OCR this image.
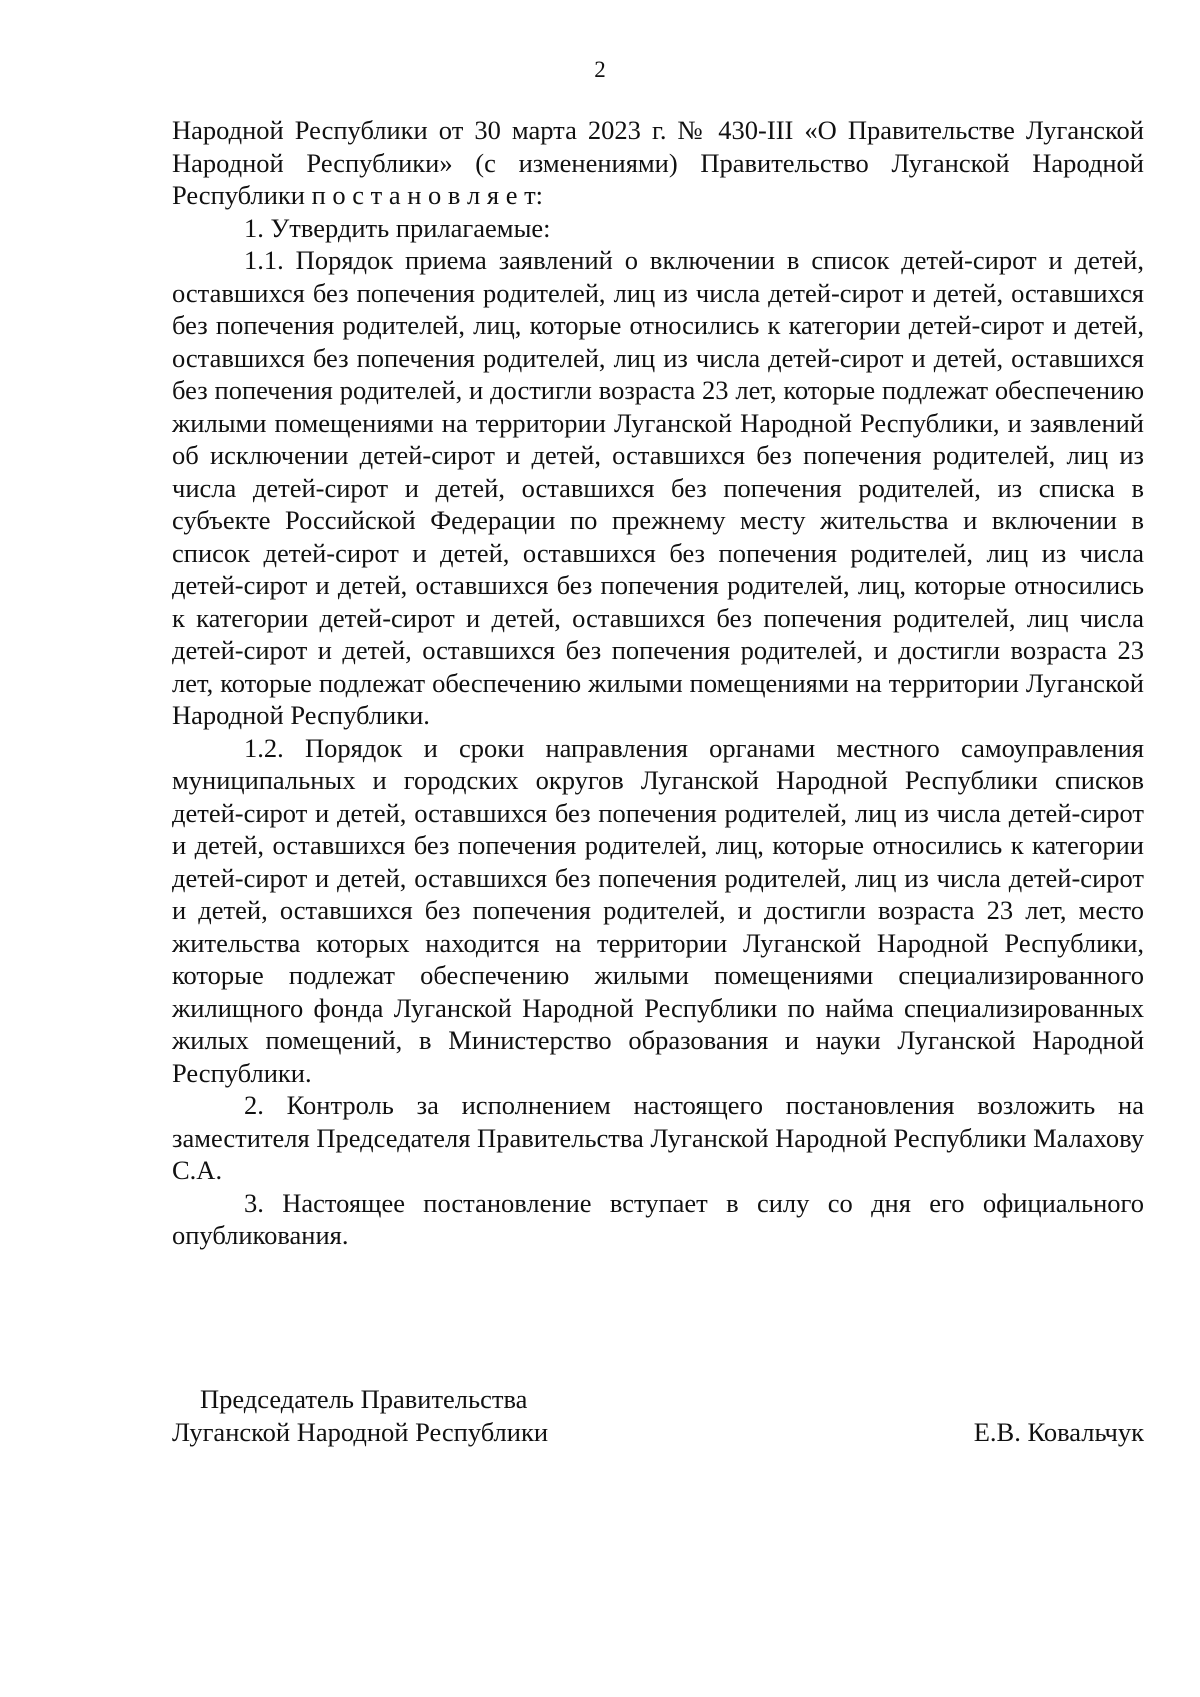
2

Народной Республики от 30 марта 2023 г. № 430-III «О Правительстве Луганской Народной Республики» (с изменениями) Правительство Луганской Народной Республики п о с т а н о в л я е т:

1. Утвердить прилагаемые:

1.1. Порядок приема заявлений о включении в список детей-сирот и детей, оставшихся без попечения родителей, лиц из числа детей-сирот и детей, оставшихся без попечения родителей, лиц, которые относились к категории детей-сирот и детей, оставшихся без попечения родителей, лиц из числа детей-сирот и детей, оставшихся без попечения родителей, и достигли возраста 23 лет, которые подлежат обеспечению жилыми помещениями на территории Луганской Народной Республики, и заявлений об исключении детей-сирот и детей, оставшихся без попечения родителей, лиц из числа детей-сирот и детей, оставшихся без попечения родителей, из списка в субъекте Российской Федерации по прежнему месту жительства и включении в список детей-сирот и детей, оставшихся без попечения родителей, лиц из числа детей-сирот и детей, оставшихся без попечения родителей, лиц, которые относились к категории детей-сирот и детей, оставшихся без попечения родителей, лиц числа детей-сирот и детей, оставшихся без попечения родителей, и достигли возраста 23 лет, которые подлежат обеспечению жилыми помещениями на территории Луганской Народной Республики.

1.2. Порядок и сроки направления органами местного самоуправления муниципальных и городских округов Луганской Народной Республики списков детей-сирот и детей, оставшихся без попечения родителей, лиц из числа детей-сирот и детей, оставшихся без попечения родителей, лиц, которые относились к категории детей-сирот и детей, оставшихся без попечения родителей, лиц из числа детей-сирот и детей, оставшихся без попечения родителей, и достигли возраста 23 лет, место жительства которых находится на территории Луганской Народной Республики, которые подлежат обеспечению жилыми помещениями специализированного жилищного фонда Луганской Народной Республики по найма специализированных жилых помещений, в Министерство образования и науки Луганской Народной Республики.

2. Контроль за исполнением настоящего постановления возложить на заместителя Председателя Правительства Луганской Народной Республики Малахову С.А.

3. Настоящее постановление вступает в силу со дня его официального опубликования.

Председатель Правительства
Луганской Народной Республики	Е.В. Ковальчук
